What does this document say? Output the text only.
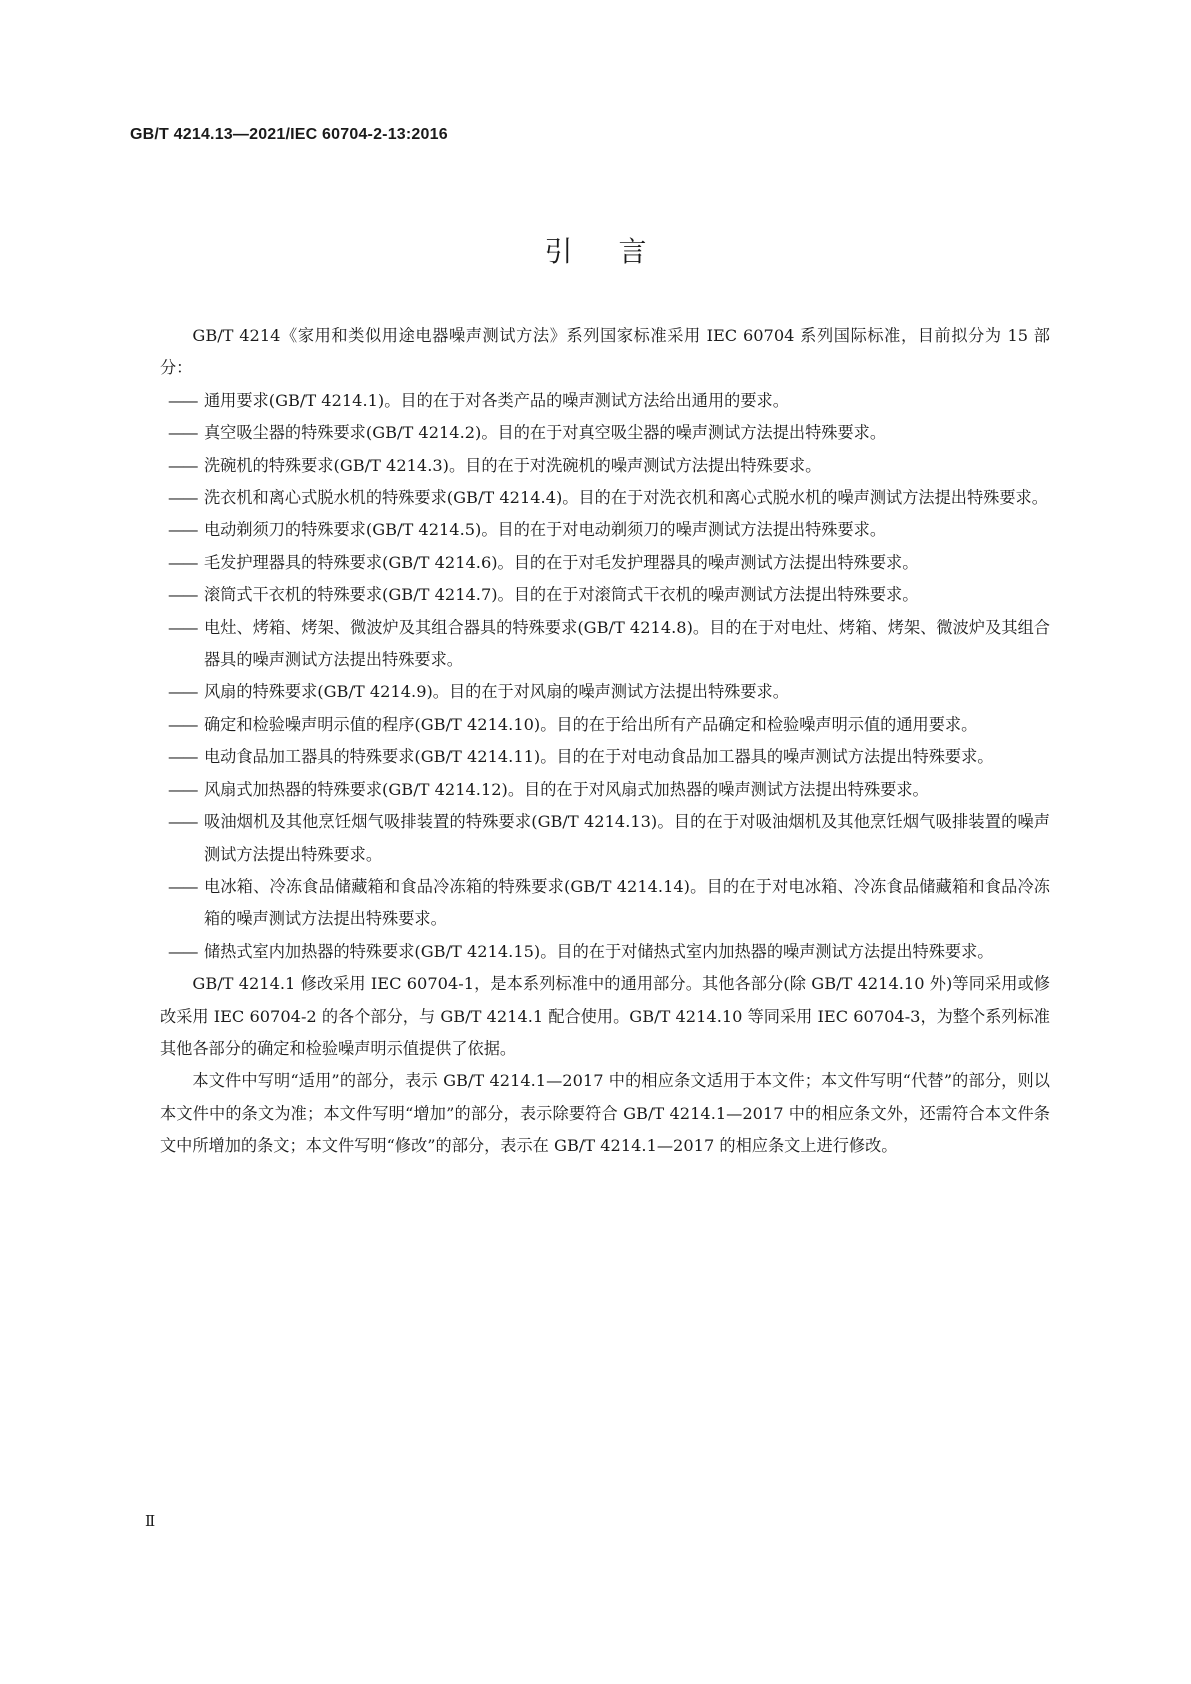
GB/T 4214.13—2021/IEC 60704-2-13:2016
引言

GB/T 4214《家用和类似用途电器噪声测试方法》系列国家标准采用 IEC 60704 系列国际标准，目前拟分为 15 部分：

—— 通用要求(GB/T 4214.1)。目的在于对各类产品的噪声测试方法给出通用的要求。
—— 真空吸尘器的特殊要求(GB/T 4214.2)。目的在于对真空吸尘器的噪声测试方法提出特殊要求。
—— 洗碗机的特殊要求(GB/T 4214.3)。目的在于对洗碗机的噪声测试方法提出特殊要求。
—— 洗衣机和离心式脱水机的特殊要求(GB/T 4214.4)。目的在于对洗衣机和离心式脱水机的噪声测试方法提出特殊要求。
—— 电动剃须刀的特殊要求(GB/T 4214.5)。目的在于对电动剃须刀的噪声测试方法提出特殊要求。
—— 毛发护理器具的特殊要求(GB/T 4214.6)。目的在于对毛发护理器具的噪声测试方法提出特殊要求。
—— 滚筒式干衣机的特殊要求(GB/T 4214.7)。目的在于对滚筒式干衣机的噪声测试方法提出特殊要求。
—— 电灶、烤箱、烤架、微波炉及其组合器具的特殊要求(GB/T 4214.8)。目的在于对电灶、烤箱、烤架、微波炉及其组合器具的噪声测试方法提出特殊要求。
—— 风扇的特殊要求(GB/T 4214.9)。目的在于对风扇的噪声测试方法提出特殊要求。
—— 确定和检验噪声明示值的程序(GB/T 4214.10)。目的在于给出所有产品确定和检验噪声明示值的通用要求。
—— 电动食品加工器具的特殊要求(GB/T 4214.11)。目的在于对电动食品加工器具的噪声测试方法提出特殊要求。
—— 风扇式加热器的特殊要求(GB/T 4214.12)。目的在于对风扇式加热器的噪声测试方法提出特殊要求。
—— 吸油烟机及其他烹饪烟气吸排装置的特殊要求(GB/T 4214.13)。目的在于对吸油烟机及其他烹饪烟气吸排装置的噪声测试方法提出特殊要求。
—— 电冰箱、冷冻食品储藏箱和食品冷冻箱的特殊要求(GB/T 4214.14)。目的在于对电冰箱、冷冻食品储藏箱和食品冷冻箱的噪声测试方法提出特殊要求。
—— 储热式室内加热器的特殊要求(GB/T 4214.15)。目的在于对储热式室内加热器的噪声测试方法提出特殊要求。

GB/T 4214.1 修改采用 IEC 60704-1，是本系列标准中的通用部分。其他各部分(除 GB/T 4214.10 外)等同采用或修改采用 IEC 60704-2 的各个部分，与 GB/T 4214.1 配合使用。GB/T 4214.10 等同采用 IEC 60704-3，为整个系列标准其他各部分的确定和检验噪声明示值提供了依据。

本文件中写明“适用”的部分，表示 GB/T 4214.1—2017 中的相应条文适用于本文件；本文件写明“代替”的部分，则以本文件中的条文为准；本文件写明“增加”的部分，表示除要符合 GB/T 4214.1—2017 中的相应条文外，还需符合本文件条文中所增加的条文；本文件写明“修改”的部分，表示在 GB/T 4214.1—2017 的相应条文上进行修改。

Ⅱ
